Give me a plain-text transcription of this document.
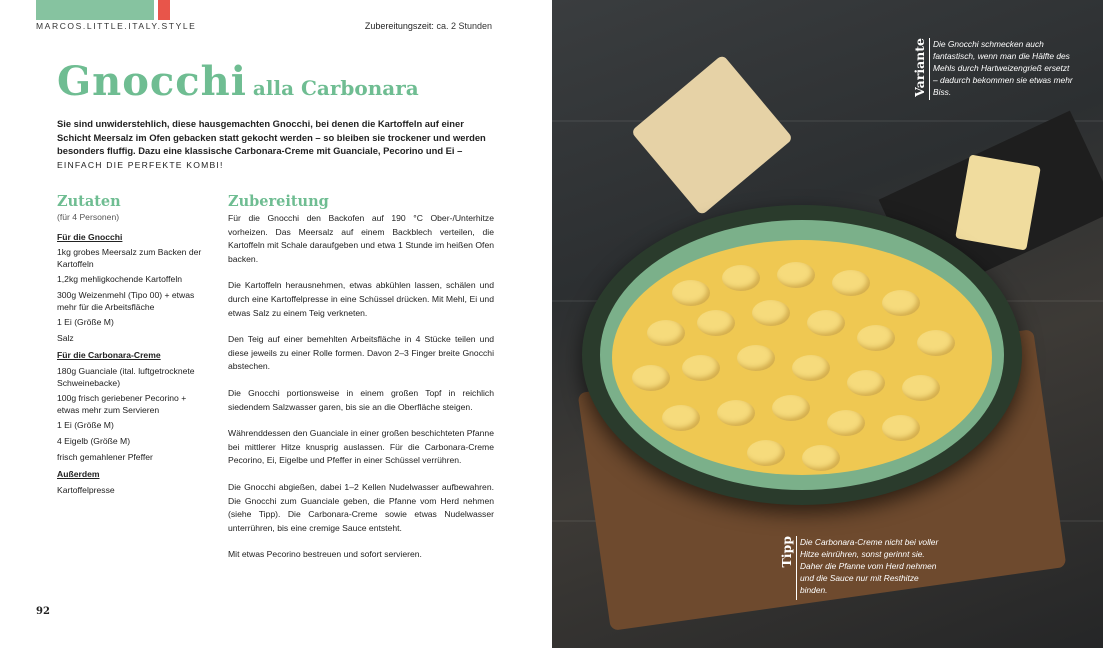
MARCOS.LITTLE.ITALY.STYLE	Zubereitungszeit: ca. 2 Stunden
Gnocchi alla Carbonara
Sie sind unwiderstehlich, diese hausgemachten Gnocchi, bei denen die Kartoffeln auf einer Schicht Meersalz im Ofen gebacken statt gekocht werden – so bleiben sie trockener und werden besonders fluffig. Dazu eine klassische Carbonara-Creme mit Guanciale, Pecorino und Ei – EINFACH DIE PERFEKTE KOMBI!
Zutaten
(für 4 Personen)
Für die Gnocchi
1kg grobes Meersalz zum Backen der Kartoffeln
1,2kg mehligkochende Kartoffeln
300g Weizenmehl (Tipo 00) + etwas mehr für die Arbeitsfläche
1 Ei (Größe M)
Salz
Für die Carbonara-Creme
180g Guanciale (ital. luftgetrocknete Schweinebacke)
100g frisch geriebener Pecorino + etwas mehr zum Servieren
1 Ei (Größe M)
4 Eigelb (Größe M)
frisch gemahlener Pfeffer
Außerdem
Kartoffelpresse
Zubereitung

Für die Gnocchi den Backofen auf 190 °C Ober-/Unterhitze vorheizen. Das Meersalz auf einem Backblech verteilen, die Kartoffeln mit Schale daraufgeben und etwa 1 Stunde im heißen Ofen backen.

Die Kartoffeln herausnehmen, etwas abkühlen lassen, schälen und durch eine Kartoffelpresse in eine Schüssel drücken. Mit Mehl, Ei und etwas Salz zu einem Teig verkneten.

Den Teig auf einer bemehlten Arbeitsfläche in 4 Stücke teilen und diese jeweils zu einer Rolle formen. Davon 2–3 Finger breite Gnocchi abstechen.

Die Gnocchi portionsweise in einem großen Topf in reichlich siedendem Salzwasser garen, bis sie an die Oberfläche steigen.

Währenddessen den Guanciale in einer großen beschichteten Pfanne bei mittlerer Hitze knusprig auslassen. Für die Carbonara-Creme Pecorino, Ei, Eigelbe und Pfeffer in einer Schüssel verrühren.

Die Gnocchi abgießen, dabei 1–2 Kellen Nudelwasser aufbewahren. Die Gnocchi zum Guanciale geben, die Pfanne vom Herd nehmen (siehe Tipp). Die Carbonara-Creme sowie etwas Nudelwasser unterrühren, bis eine cremige Sauce entsteht.

Mit etwas Pecorino bestreuen und sofort servieren.

92
Variante Die Gnocchi schmecken auch fantastisch, wenn man die Hälfte des Mehls durch Hartweizengrieß ersetzt – dadurch bekommen sie etwas mehr Biss.
Tipp Die Carbonara-Creme nicht bei voller Hitze einrühren, sonst gerinnt sie. Daher die Pfanne vom Herd nehmen und die Sauce nur mit Resthitze binden.
